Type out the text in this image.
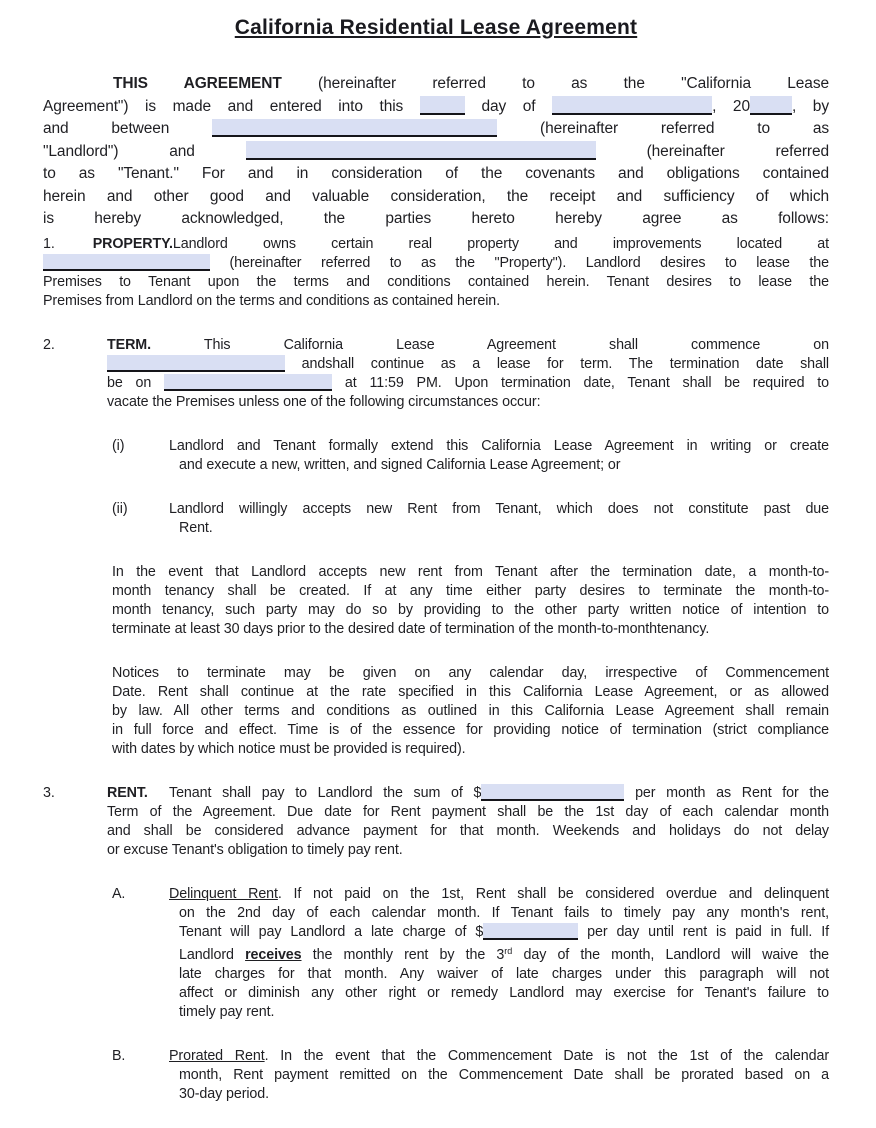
California Residential Lease Agreement
THIS AGREEMENT (hereinafter referred to as the "California Lease
Agreement") is made and entered into this	day of	, 20	, by
and between	(hereinafter referred to as
"Landlord") and	(hereinafter referred
to as "Tenant." For and in consideration of the covenants and obligations contained
herein and other good and valuable consideration, the receipt and sufficiency of which
is hereby acknowledged, the parties hereto hereby agree as follows:
1.	PROPERTY.Landlord owns certain real property and improvements located at
(hereinafter referred to as the "Property"). Landlord desires to lease the
Premises to Tenant upon the terms and conditions contained herein. Tenant desires to lease the
Premises from Landlord on the terms and conditions as contained herein.
2.	TERM. This California Lease Agreement shall commence on
andshall continue as a lease for term. The termination date shall
be on	at 11:59 PM. Upon termination date, Tenant shall be required to
vacate the Premises unless one of the following circumstances occur:
(i)	Landlord and Tenant formally extend this California Lease Agreement in writing or create
and execute a new, written, and signed California Lease Agreement; or
(ii)	Landlord willingly accepts new Rent from Tenant, which does not constitute past due
Rent.
In the event that Landlord accepts new rent from Tenant after the termination date, a month-to-
month tenancy shall be created. If at any time either party desires to terminate the month-to-
month tenancy, such party may do so by providing to the other party written notice of intention to
terminate at least 30 days prior to the desired date of termination of the month-to-monthtenancy.
Notices to terminate may be given on any calendar day, irrespective of Commencement
Date. Rent shall continue at the rate specified in this California Lease Agreement, or as allowed
by law. All other terms and conditions as outlined in this California Lease Agreement shall remain
in full force and effect. Time is of the essence for providing notice of termination (strict compliance
with dates by which notice must be provided is required).
3.	RENT.  Tenant shall pay to Landlord the sum of $	per month as Rent for the
Term of the Agreement. Due date for Rent payment shall be the 1st day of each calendar month
and shall be considered advance payment for that month. Weekends and holidays do not delay
or excuse Tenant's obligation to timely pay rent.
A.	Delinquent Rent. If not paid on the 1st, Rent shall be considered overdue and delinquent
on the 2nd day of each calendar month. If Tenant fails to timely pay any month's rent,
Tenant will pay Landlord a late charge of $	per day until rent is paid in full. If
Landlord receives the monthly rent by the 3rd day of the month, Landlord will waive the
late charges for that month. Any waiver of late charges under this paragraph will not
affect or diminish any other right or remedy Landlord may exercise for Tenant's failure to
timely pay rent.
B.	Prorated Rent. In the event that the Commencement Date is not the 1st of the calendar
month, Rent payment remitted on the Commencement Date shall be prorated based on a
30-day period.
